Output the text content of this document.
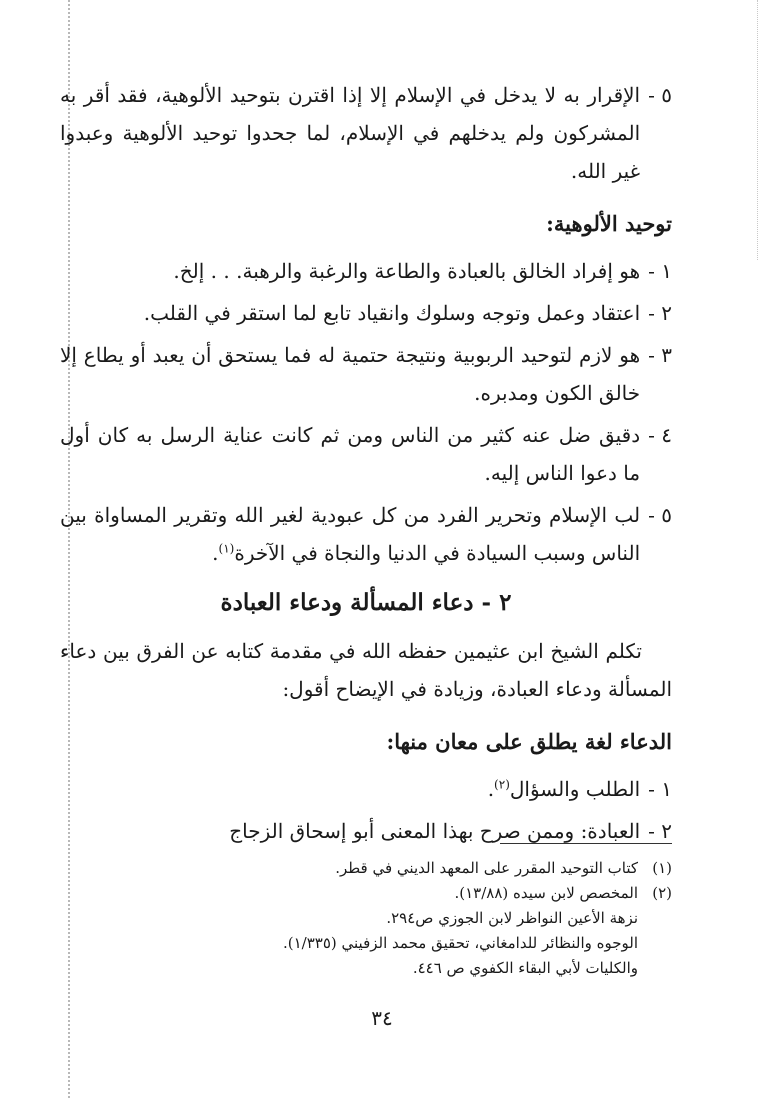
٥ -
الإقرار به لا يدخل في الإسلام إلا إذا اقترن بتوحيد الألوهية، فقد أقر به المشركون ولم يدخلهم في الإسلام، لما جحدوا توحيد الألوهية وعبدوا غير الله.
توحيد الألوهية:
١ -
هو إفراد الخالق بالعبادة والطاعة والرغبة والرهبة. . . إلخ.
٢ -
اعتقاد وعمل وتوجه وسلوك وانقياد تابع لما استقر في القلب.
٣ -
هو لازم لتوحيد الربوبية ونتيجة حتمية له فما يستحق أن يعبد أو يطاع إلا خالق الكون ومدبره.
٤ -
دقيق ضل عنه كثير من الناس ومن ثم كانت عناية الرسل به كان أول ما دعوا الناس إليه.
٥ -
لب الإسلام وتحرير الفرد من كل عبودية لغير الله وتقرير المساواة بين الناس وسبب السيادة في الدنيا والنجاة في الآخرة$^{(١)}$.
٢ - دعاء المسألة ودعاء العبادة
تكلم الشيخ ابن عثيمين حفظه الله في مقدمة كتابه عن الفرق بين دعاء المسألة ودعاء العبادة، وزيادة في الإيضاح أقول:
الدعاء لغة يطلق على معان منها:
١ -
الطلب والسؤال$^{(٢)}$.
٢ -
العبادة: وممن صرح بهذا المعنى أبو إسحاق الزجاج
(١)
كتاب التوحيد المقرر على المعهد الديني في قطر.
(٢)
المخصص لابن سيده (١٣/٨٨).
نزهة الأعين النواظر لابن الجوزي ص٢٩٤.
الوجوه والنظائر للدامغاني، تحقيق محمد الزفيني (١/٣٣٥).
والكليات لأبي البقاء الكفوي ص ٤٤٦.
٣٤
